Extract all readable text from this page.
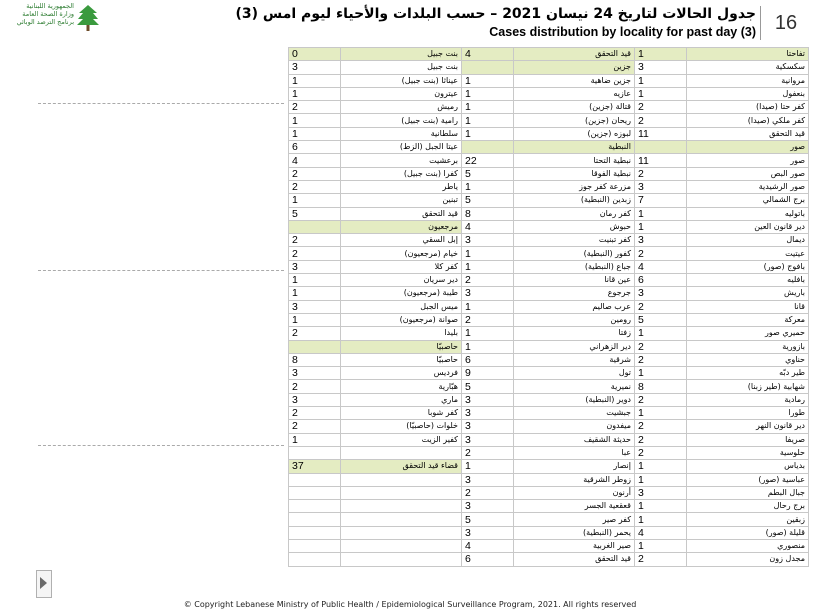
الجمهورية اللبنانية
وزارة الصحة العامة
برنامج الترصد الوبائي	جدول الحالات لتاريخ 24 نيسان 2021 – حسب البلدات والأحياء ليوم امس (3)
Cases distribution by locality for past day (3) 16
0	بنت جبيل	4	قيد التحقق	1	تفاحتا
3	بنت جبيل		جزين	3	سكسكية
1	عيناثا (بنت جبيل)	1	جزين ضاهية	1	مروانية
1	عيترون	1	عازيه	1	بنعفول
2	رميش	1	قتالة (جزين)	2	كفر حتا (صيدا)
1	رامية (بنت جبيل)	1	ريحان (جزين)	2	كفر ملكي (صيدا)
1	سلطانية	1	لبوزه (جزين)	11	قيد التحقق
6	عيتا الجبل (الزط)		النبطية		صور
4	برعشيت	22	نبطية التحتا	11	صور
2	كفرا (بنت جبيل)	5	نبطية الفوقا	2	صور البص
2	ياطر	1	مزرعة كفر جوز	3	صور الرشيدية
1	تبنين	5	زبدين (النبطية)	7	برج الشمالي
5	قيد التحقق	8	كفر رمان	1	باتوليه
	مرجعيون	4	حبوش	1	دير قانون العين
2	إبل السقي	3	كفر تبنيت	3	ديمال
2	خيام (مرجعيون)	1	كفور (النبطية)	2	عيتيت
3	كفر كلا	1	جباع (النبطية)	4	بافوج (صور)
1	دير سريان	2	عين قانا	6	بافليه
1	طيبة (مرجعيون)	3	جرجوع	3	باريش
3	ميس الجبل	1	عرب صاليم	2	قانا
1	صوانة (مرجعيون)	2	رومين	5	معركة
2	بليدا	1	زفتا	1	حميري صور
	حاصبيّا	1	دير الزهراني	2	بازورية
8	حاصبيّا	6	شرقية	2	حناوي
3	فرديس	9	تول	1	طير دبّه
2	هبّارية	5	نميرية	8	شهابية (طير زبنا)
3	ماري	3	دوير (النبطية)	2	رمادية
2	كفر شوبا	3	جبشيت	1	طورا
2	خلوات (حاصبيّا)	3	ميفدون	2	دير قانون النهر
1	كفير الزيت	3	حديثة الشقيف	2	صريفا
		2	عبا	2	حلوسية
37	قضاء قيد التحقق	1	إنصار	1	بدياس
		3	زوطر الشرقية	1	عباسية (صور)
		2	أرنون	3	جبال البطم
		3	قعقعية الجسر	1	برج رحال
		5	كفر صير	1	زبقين
		3	يحمر (النبطية)	4	قليلة (صور)
		4	صير الغربية	1	منصوري
		6	قيد التحقق	2	مجدل زون
© Copyright Lebanese Ministry of Public Health / Epidemiological Surveillance Program, 2021. All rights reserved
